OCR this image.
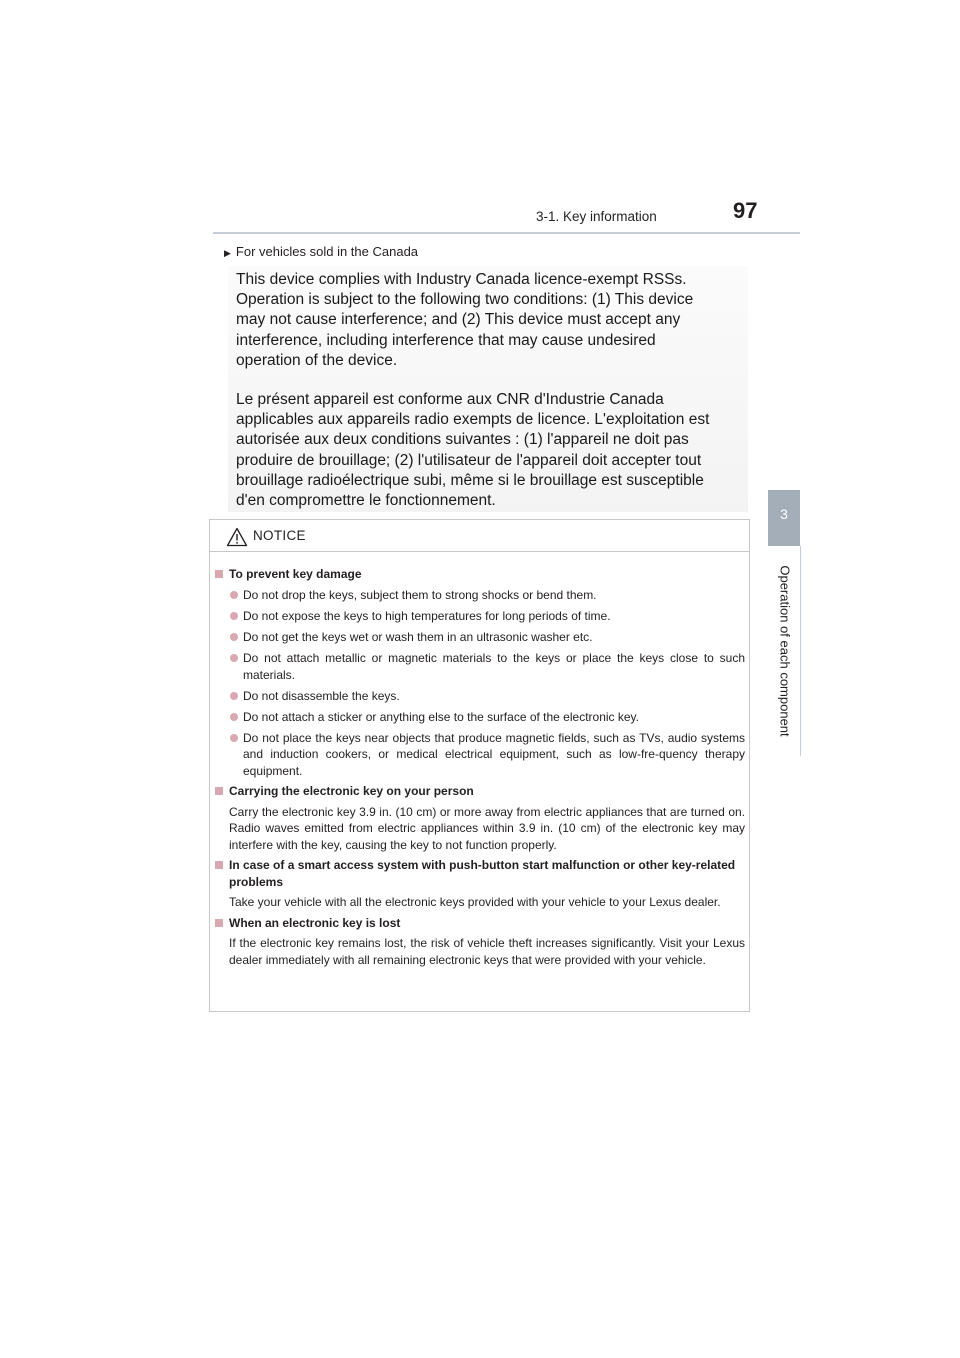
3-1. Key information	97
3
Operation of each component
▶ For vehicles sold in the Canada

This device complies with Industry Canada licence-exempt RSSs.
Operation is subject to the following two conditions: (1) This device
may not cause interference; and (2) This device must accept any
interference, including interference that may cause undesired
operation of the device.

Le présent appareil est conforme aux CNR d'Industrie Canada
applicables aux appareils radio exempts de licence. L'exploitation est
autorisée aux deux conditions suivantes : (1) l'appareil ne doit pas
produire de brouillage; (2) l'utilisateur de l'appareil doit accepter tout
brouillage radioélectrique subi, même si le brouillage est susceptible
d'en compromettre le fonctionnement.

NOTICE
To prevent key damage
Do not drop the keys, subject them to strong shocks or bend them.
Do not expose the keys to high temperatures for long periods of time.
Do not get the keys wet or wash them in an ultrasonic washer etc.
Do not attach metallic or magnetic materials to the keys or place the keys close to such materials.
Do not disassemble the keys.
Do not attach a sticker or anything else to the surface of the electronic key.
Do not place the keys near objects that produce magnetic fields, such as TVs, audio systems and induction cookers, or medical electrical equipment, such as low-fre-quency therapy equipment.
Carrying the electronic key on your person
Carry the electronic key 3.9 in. (10 cm) or more away from electric appliances that are turned on. Radio waves emitted from electric appliances within 3.9 in. (10 cm) of the electronic key may interfere with the key, causing the key to not function properly.
In case of a smart access system with push-button start malfunction or other key-related problems
Take your vehicle with all the electronic keys provided with your vehicle to your Lexus dealer.
When an electronic key is lost
If the electronic key remains lost, the risk of vehicle theft increases significantly. Visit your Lexus dealer immediately with all remaining electronic keys that were provided with your vehicle.
